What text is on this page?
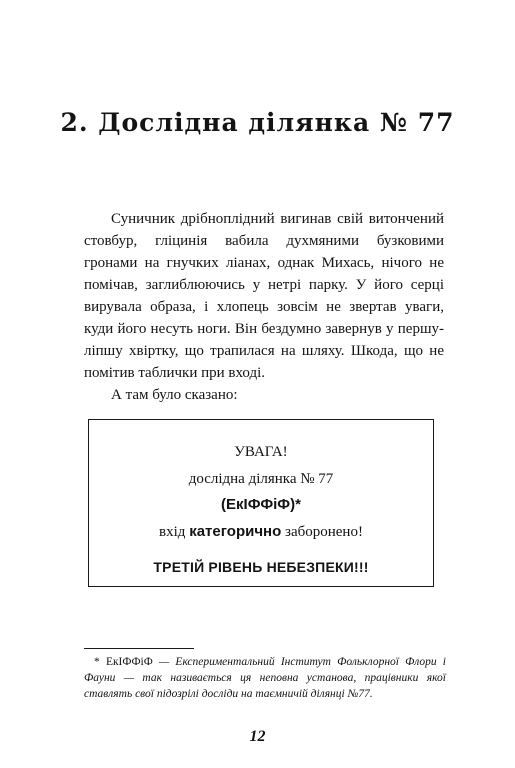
2. Дослідна ділянка № 77

Суничник дрібноплідний вигинав свій витончений стовбур, гліцинія вабила духмяними бузковими гронами на гнучких ліанах, однак Михась, нічого не помічав, заглиблюючись у нетрі парку. У його серці вирувала образа, і хлопець зовсім не звертав уваги, куди його несуть ноги. Він бездумно завернув у першу-ліпшу хвіртку, що трапилася на шляху. Шкода, що не помітив таблички при вході.

А там було сказано:

УВАГА!

дослідна ділянка № 77

(ЕкІФФіФ)*

вхід категорично заборонено!

ТРЕТІЙ РІВЕНЬ НЕБЕЗПЕКИ!!!

* ЕкІФФіФ — Експериментальний Інститут Фольклорної Флори і Фауни — так називається ця неповна установа, працівники якої ставлять свої підозрілі досліди на таємничій ділянці №77.

12
